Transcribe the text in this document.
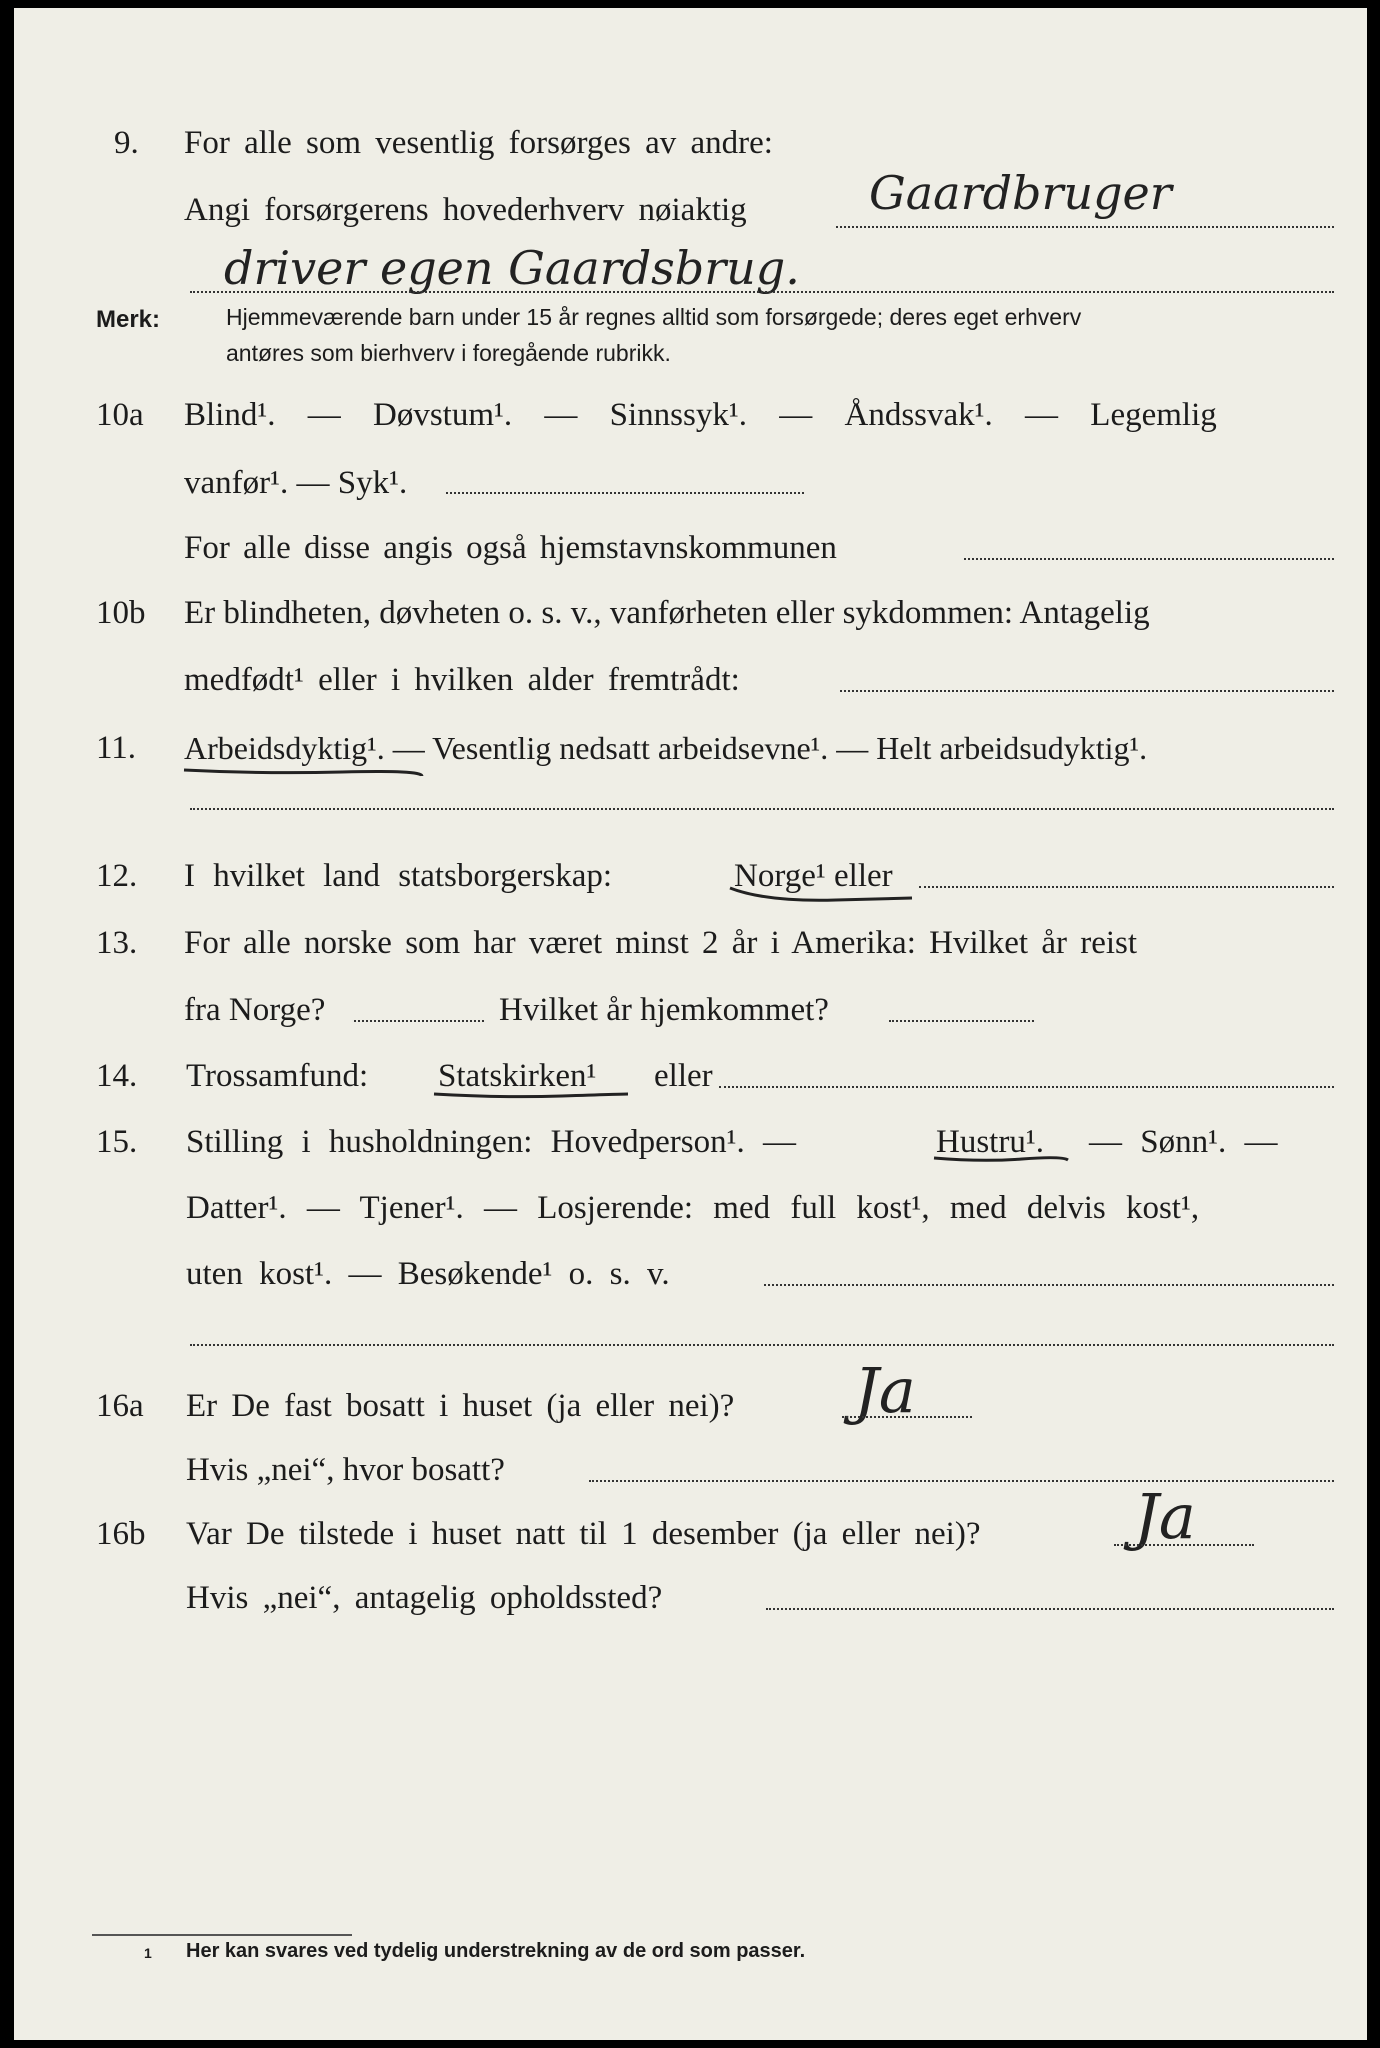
9. For alle som vesentlig forsørges av andre:
Angi forsørgerens hovederhverv nøiaktig	Gaardbruger
driver egen Gaardsbrug.
Merk:	Hjemmeværende barn under 15 år regnes alltid som forsørgede; deres eget erhverv
antøres som bierhverv i foregående rubrikk.
10a Blind¹. — Døvstum¹. — Sinnssyk¹. — Åndssvak¹. — Legemlig
vanfør¹. — Syk¹.
For alle disse angis også hjemstavnskommunen
10b Er blindheten, døvheten o. s. v., vanførheten eller sykdommen: Antagelig
medfødt¹ eller i hvilken alder fremtrådt:
11. Arbeidsdyktig¹. — Vesentlig nedsatt arbeidsevne¹. — Helt arbeidsudyktig¹.
12. I hvilket land statsborgerskap:	Norge¹ eller
13. For alle norske som har været minst 2 år i Amerika: Hvilket år reist
fra Norge?	Hvilket år hjemkommet?
14. Trossamfund: Statskirken¹ eller
15. Stilling i husholdningen: Hovedperson¹. —	Hustru¹. — Sønn¹. —
Datter¹. — Tjener¹. — Losjerende: med full kost¹, med delvis kost¹,
uten kost¹. — Besøkende¹ o. s. v.
16a Er De fast bosatt i huset (ja eller nei)? Ja
Hvis „nei“, hvor bosatt?
16b Var De tilstede i huset natt til 1 desember (ja eller nei)? Ja
Hvis „nei“, antagelig opholdssted?
1 Her kan svares ved tydelig understrekning av de ord som passer.
